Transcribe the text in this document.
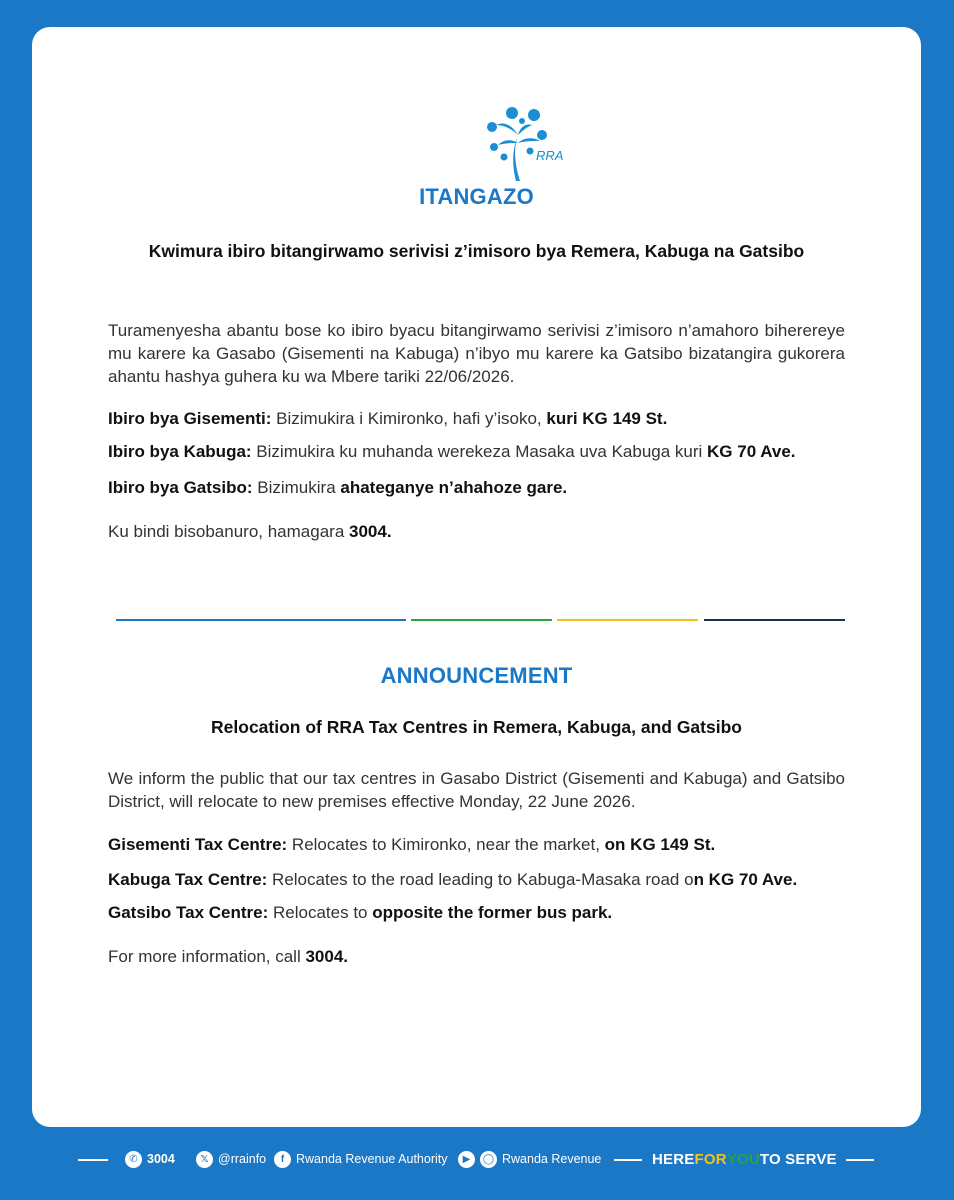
RRA
ITANGAZO
Kwimura ibiro bitangirwamo serivisi z’imisoro bya Remera, Kabuga na Gatsibo
Turamenyesha abantu bose ko ibiro byacu bitangirwamo serivisi z’imisoro n’amahoro biherereye mu karere ka Gasabo (Gisementi na Kabuga) n’ibyo mu karere ka Gatsibo bizatangira gukorera ahantu hashya guhera ku wa Mbere tariki 22/06/2026.
Ibiro bya Gisementi: Bizimukira i Kimironko, hafi y’isoko, kuri KG 149 St.
Ibiro bya Kabuga: Bizimukira ku muhanda werekeza Masaka uva Kabuga kuri KG 70 Ave.
Ibiro bya Gatsibo: Bizimukira ahateganye n’ahahoze gare.
Ku bindi bisobanuro, hamagara 3004.
ANNOUNCEMENT
Relocation of RRA Tax Centres in Remera, Kabuga, and Gatsibo
We inform the public that our tax centres in Gasabo District (Gisementi and Kabuga) and Gatsibo District, will relocate to new premises effective Monday, 22 June 2026.
Gisementi Tax Centre: Relocates to Kimironko, near the market, on KG 149 St.
Kabuga Tax Centre: Relocates to the road leading to Kabuga-Masaka road on KG 70 Ave.
Gatsibo Tax Centre: Relocates to opposite the former bus park.
For more information, call 3004.
✆ 3004	𝕏 @rrainfo	f Rwanda Revenue Authority	▶	◯ Rwanda Revenue	HERE FOR YOU TO SERVE
